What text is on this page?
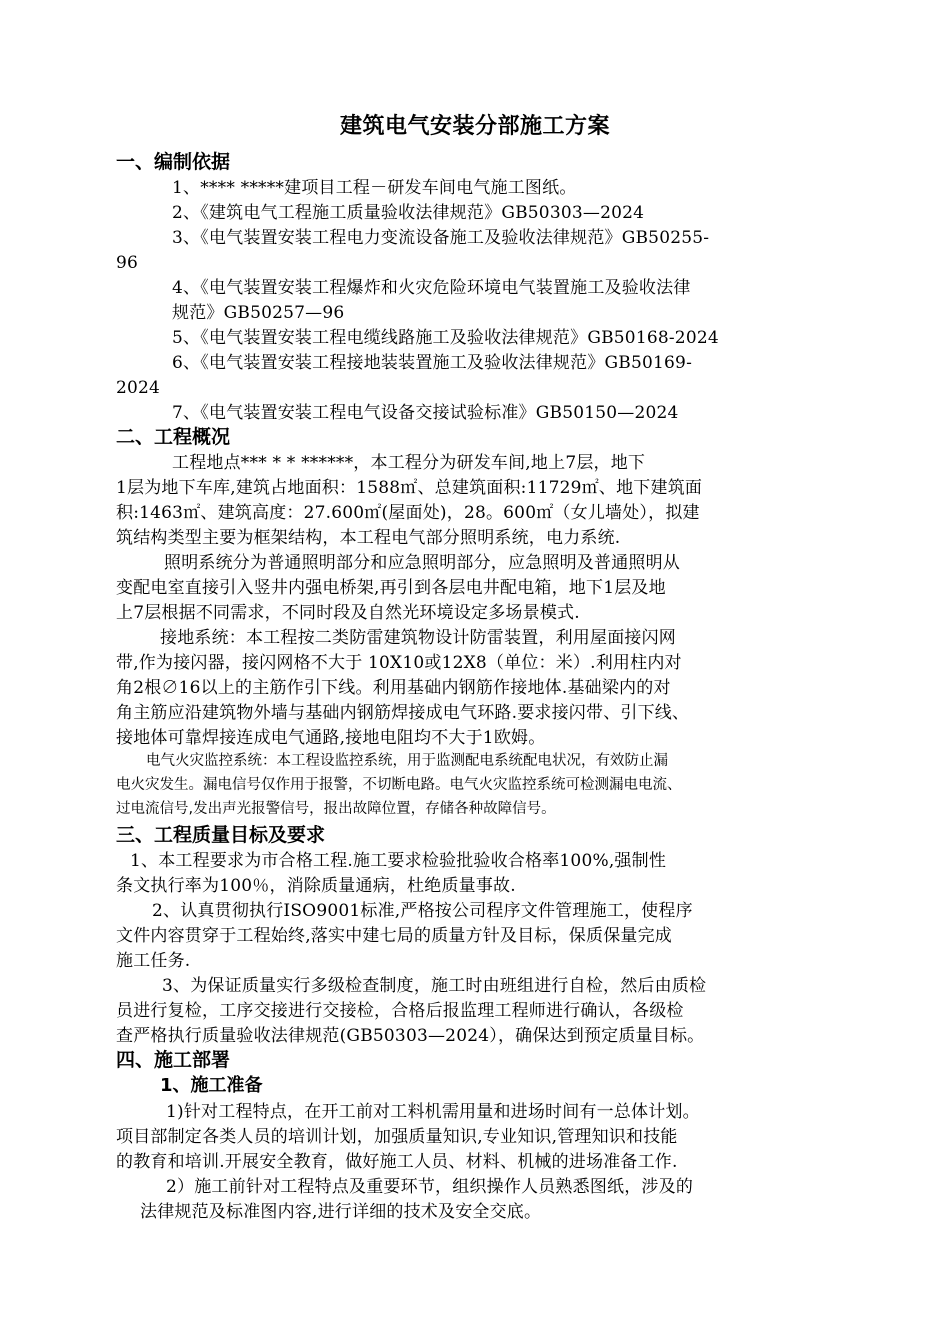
建筑电气安装分部施工方案
一、编制依据
1、**** *****建项目工程－研发车间电气施工图纸。
2、《建筑电气工程施工质量验收法律规范》GB50303—2024
3、《电气装置安装工程电力变流设备施工及验收法律规范》GB50255-
96
4、《电气装置安装工程爆炸和火灾危险环境电气装置施工及验收法律
规范》GB50257—96
5、《电气装置安装工程电缆线路施工及验收法律规范》GB50168-2024
6、《电气装置安装工程接地装装置施工及验收法律规范》GB50169-
2024
7、《电气装置安装工程电气设备交接试验标准》GB50150—2024
二、工程概况
工程地点*** * * ******，本工程分为研发车间,地上7层，地下
1层为地下车库,建筑占地面积：1588㎡、总建筑面积:11729㎡、地下建筑面
积:1463㎡、建筑高度：27.600㎡(屋面处)，28。600㎡（女儿墙处），拟建
筑结构类型主要为框架结构，本工程电气部分照明系统，电力系统.
照明系统分为普通照明部分和应急照明部分，应急照明及普通照明从
变配电室直接引入竖井内强电桥架,再引到各层电井配电箱，地下1层及地
上7层根据不同需求，不同时段及自然光环境设定多场景模式.
接地系统：本工程按二类防雷建筑物设计防雷装置，利用屋面接闪网
带,作为接闪器，接闪网格不大于 10X10或12X8（单位：米）.利用柱内对
角2根∅16以上的主筋作引下线。利用基础内钢筋作接地体.基础梁内的对
角主筋应沿建筑物外墙与基础内钢筋焊接成电气环路.要求接闪带、引下线、
接地体可靠焊接连成电气通路,接地电阻均不大于1欧姆。
电气火灾监控系统：本工程设监控系统，用于监测配电系统配电状况，有效防止漏
电火灾发生。漏电信号仅作用于报警，不切断电路。电气火灾监控系统可检测漏电电流、
过电流信号,发出声光报警信号，报出故障位置，存储各种故障信号。
三、工程质量目标及要求
1、本工程要求为市合格工程.施工要求检验批验收合格率100%,强制性
条文执行率为100％，消除质量通病，杜绝质量事故.
2、认真贯彻执行ISO9001标准,严格按公司程序文件管理施工，使程序
文件内容贯穿于工程始终,落实中建七局的质量方针及目标，保质保量完成
施工任务.
3、为保证质量实行多级检查制度，施工时由班组进行自检，然后由质检
员进行复检，工序交接进行交接检，合格后报监理工程师进行确认，各级检
查严格执行质量验收法律规范(GB50303—2024），确保达到预定质量目标。
四、施工部署
1、施工准备
1)针对工程特点，在开工前对工料机需用量和进场时间有一总体计划。
项目部制定各类人员的培训计划，加强质量知识,专业知识,管理知识和技能
的教育和培训.开展安全教育，做好施工人员、材料、机械的进场准备工作.
2）施工前针对工程特点及重要环节，组织操作人员熟悉图纸，涉及的
法律规范及标准图内容,进行详细的技术及安全交底。
